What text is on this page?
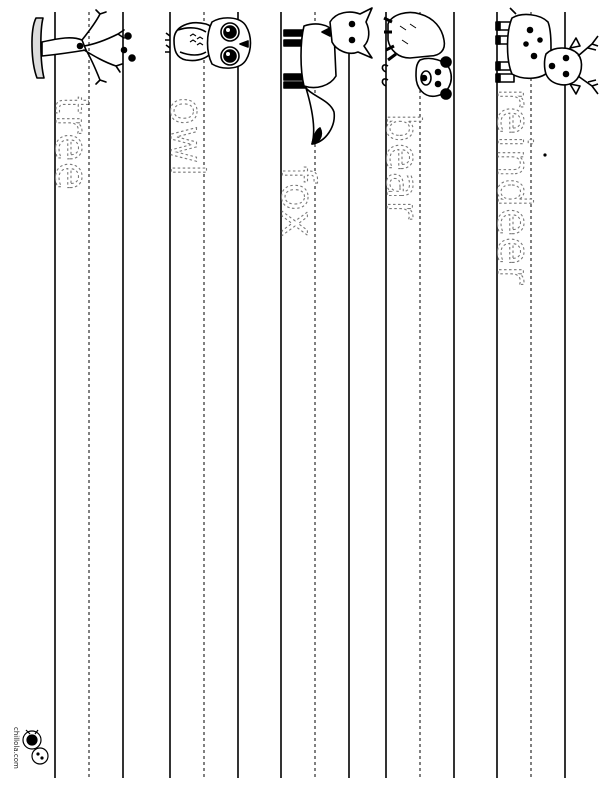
tree owl
fox bear reindeer
chillola.com
